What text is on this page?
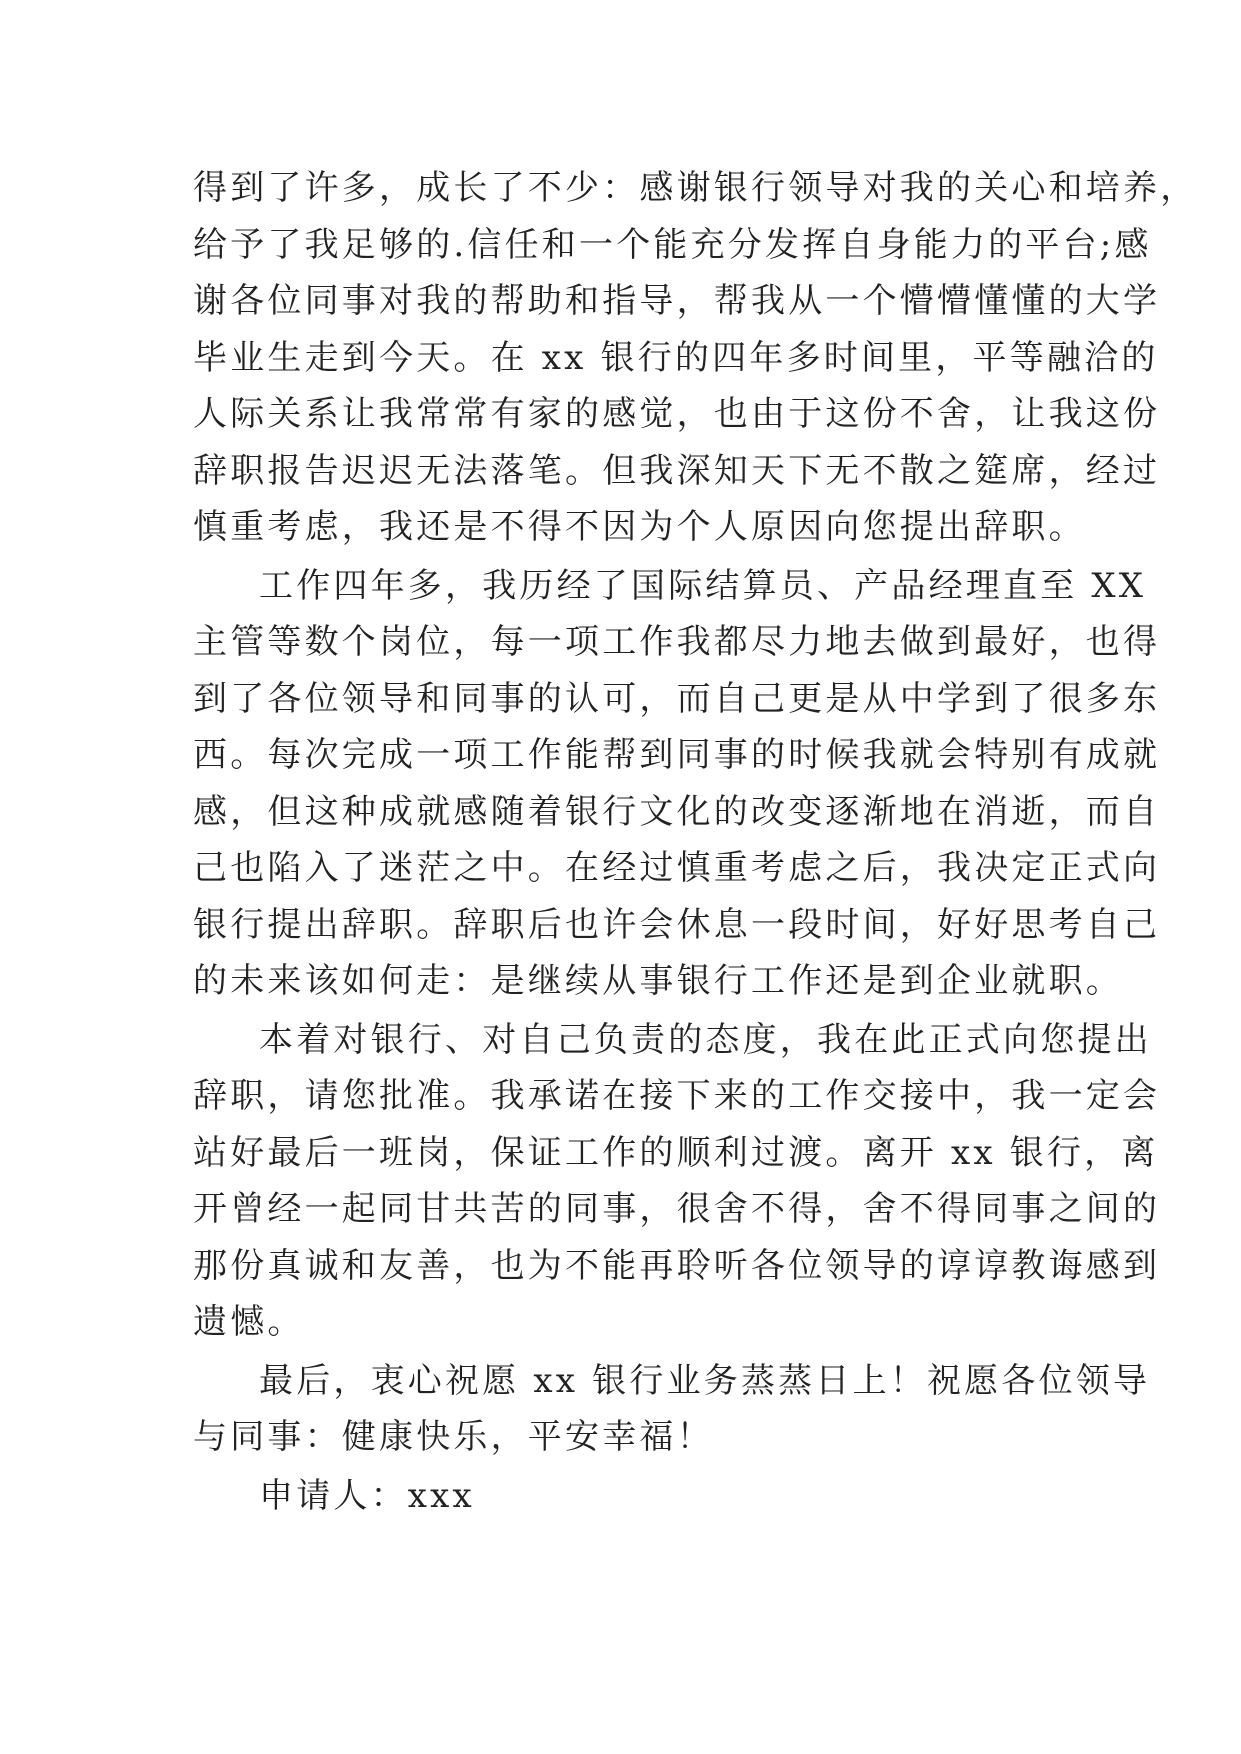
得到了许多，成长了不少：感谢银行领导对我的关心和培养，
给予了我足够的.信任和一个能充分发挥自身能力的平台;感
谢各位同事对我的帮助和指导，帮我从一个懵懵懂懂的大学
毕业生走到今天。在 xx 银行的四年多时间里，平等融洽的
人际关系让我常常有家的感觉，也由于这份不舍，让我这份
辞职报告迟迟无法落笔。但我深知天下无不散之筵席，经过
慎重考虑，我还是不得不因为个人原因向您提出辞职。
工作四年多，我历经了国际结算员、产品经理直至 XX
主管等数个岗位，每一项工作我都尽力地去做到最好，也得
到了各位领导和同事的认可，而自己更是从中学到了很多东
西。每次完成一项工作能帮到同事的时候我就会特别有成就
感，但这种成就感随着银行文化的改变逐渐地在消逝，而自
己也陷入了迷茫之中。在经过慎重考虑之后，我决定正式向
银行提出辞职。辞职后也许会休息一段时间，好好思考自己
的未来该如何走：是继续从事银行工作还是到企业就职。
本着对银行、对自己负责的态度，我在此正式向您提出
辞职，请您批准。我承诺在接下来的工作交接中，我一定会
站好最后一班岗，保证工作的顺利过渡。离开 xx 银行，离
开曾经一起同甘共苦的同事，很舍不得，舍不得同事之间的
那份真诚和友善，也为不能再聆听各位领导的谆谆教诲感到
遗憾。
最后，衷心祝愿 xx 银行业务蒸蒸日上！祝愿各位领导
与同事：健康快乐，平安幸福！
申请人：xxx
